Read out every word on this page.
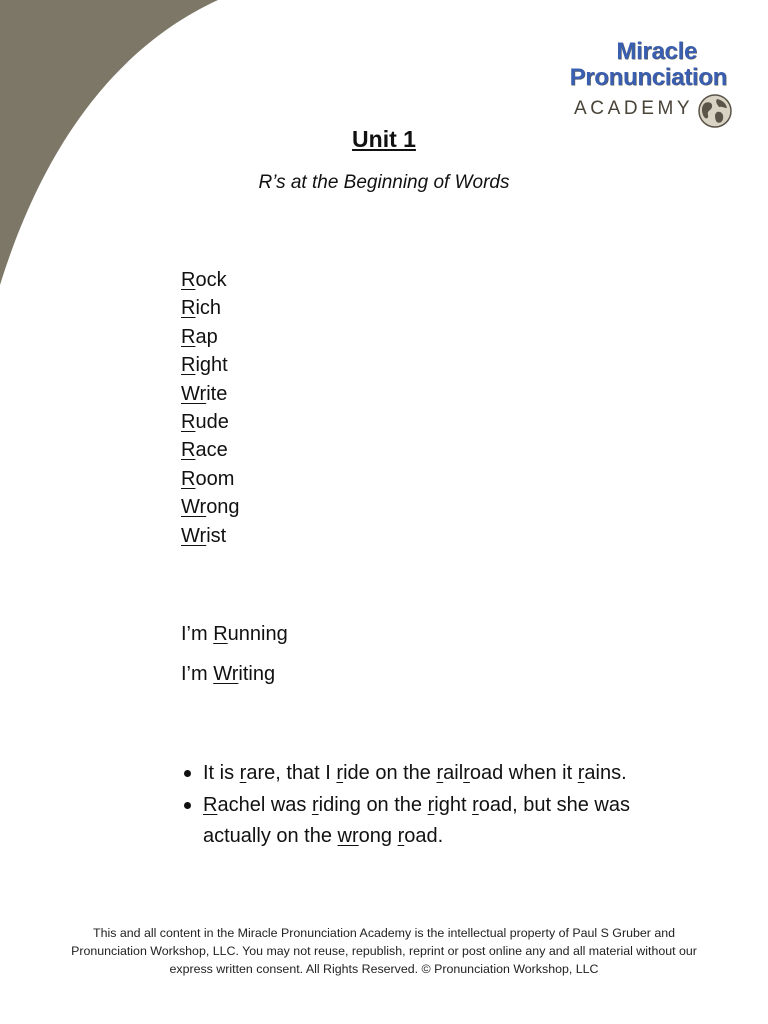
Miracle
Pronunciation
ACADEMY
Unit 1
R’s at the Beginning of Words
Rock
Rich
Rap
Right
Write
Rude
Race
Room
Wrong
Wrist
I’m Running
I’m Writing
It is rare, that I ride on the railroad when it rains.
Rachel was riding on the right road, but she was actually on the wrong road.
This and all content in the Miracle Pronunciation Academy is the intellectual property of Paul S Gruber and Pronunciation Workshop, LLC. You may not reuse, republish, reprint or post online any and all material without our express written consent. All Rights Reserved. © Pronunciation Workshop, LLC
